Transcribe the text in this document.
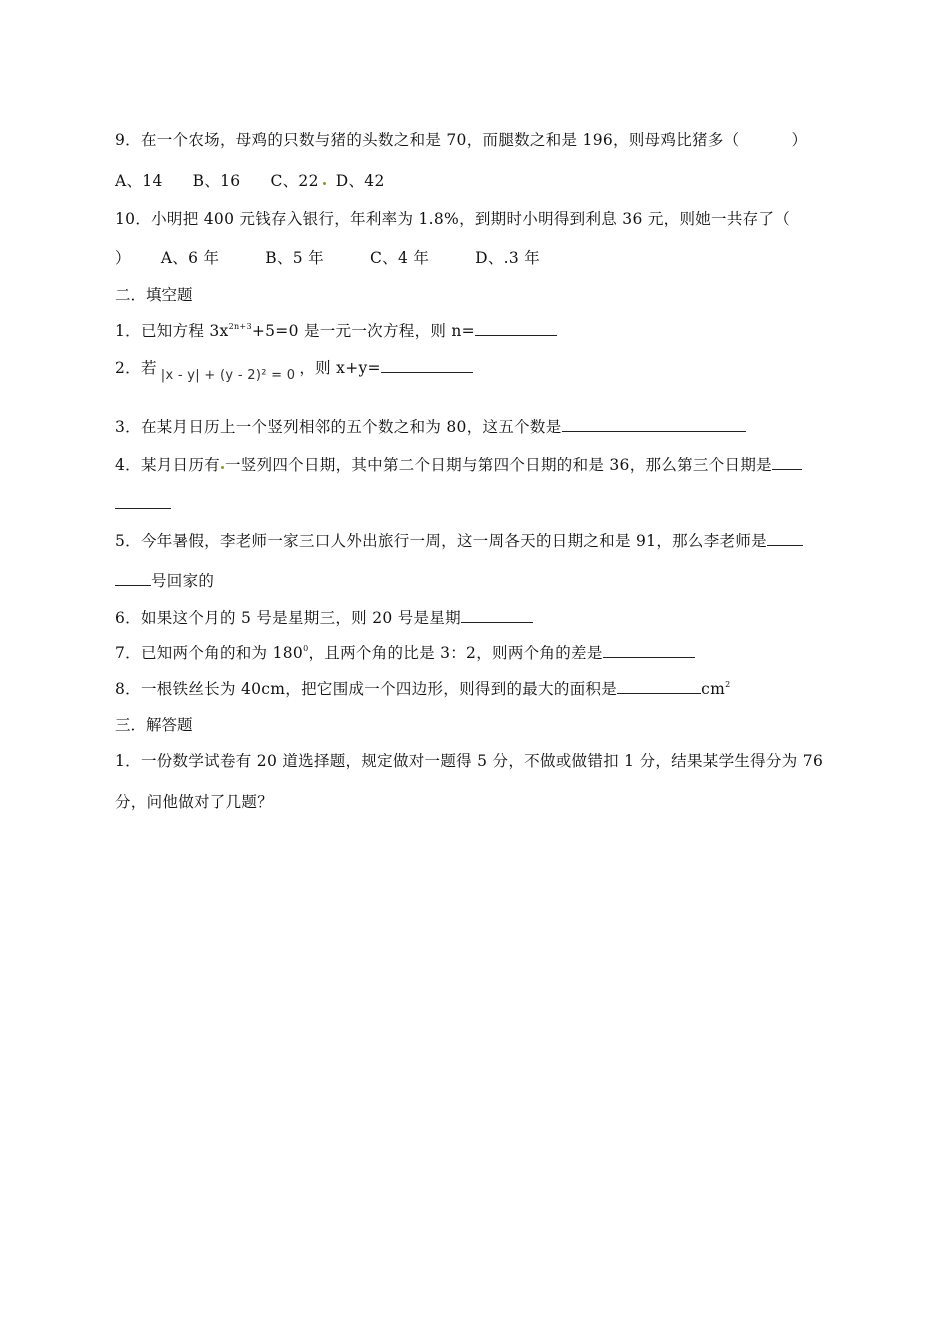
9．在一个农场，母鸡的只数与猪的头数之和是 70，而腿数之和是 196，则母鸡比猪多（	）
A、14 B、16 C、22 D、42
10．小明把 400 元钱存入银行，年利率为 1.8%，到期时小明得到利息 36 元，则她一共存了（
） A、6 年	B、5 年	C、4 年	D、.3 年
二．填空题
1．已知方程 $3x^{2n+3}+5=0$ 是一元一次方程，则 n=
2．若 |x - y| + (y - 2)² = 0 ，则 x+y=
3．在某月日历上一个竖列相邻的五个数之和为 80，这五个数是
4．某月日历有 一竖列四个日期，其中第二个日期与第四个日期的和是 36，那么第三个日期是
5．今年暑假，李老师一家三口人外出旅行一周，这一周各天的日期之和是 91，那么李老师是
号回家的
6．如果这个月的 5 号是星期三，则 20 号是星期
7．已知两个角的和为 $180^0$，且两个角的比是 3：2，则两个角的差是
8．一根铁丝长为 40cm，把它围成一个四边形，则得到的最大的面积是	$cm^2$
三．解答题
1．一份数学试卷有 20 道选择题，规定做对一题得 5 分，不做或做错扣 1 分，结果某学生得分为 76
分，问他做对了几题？
